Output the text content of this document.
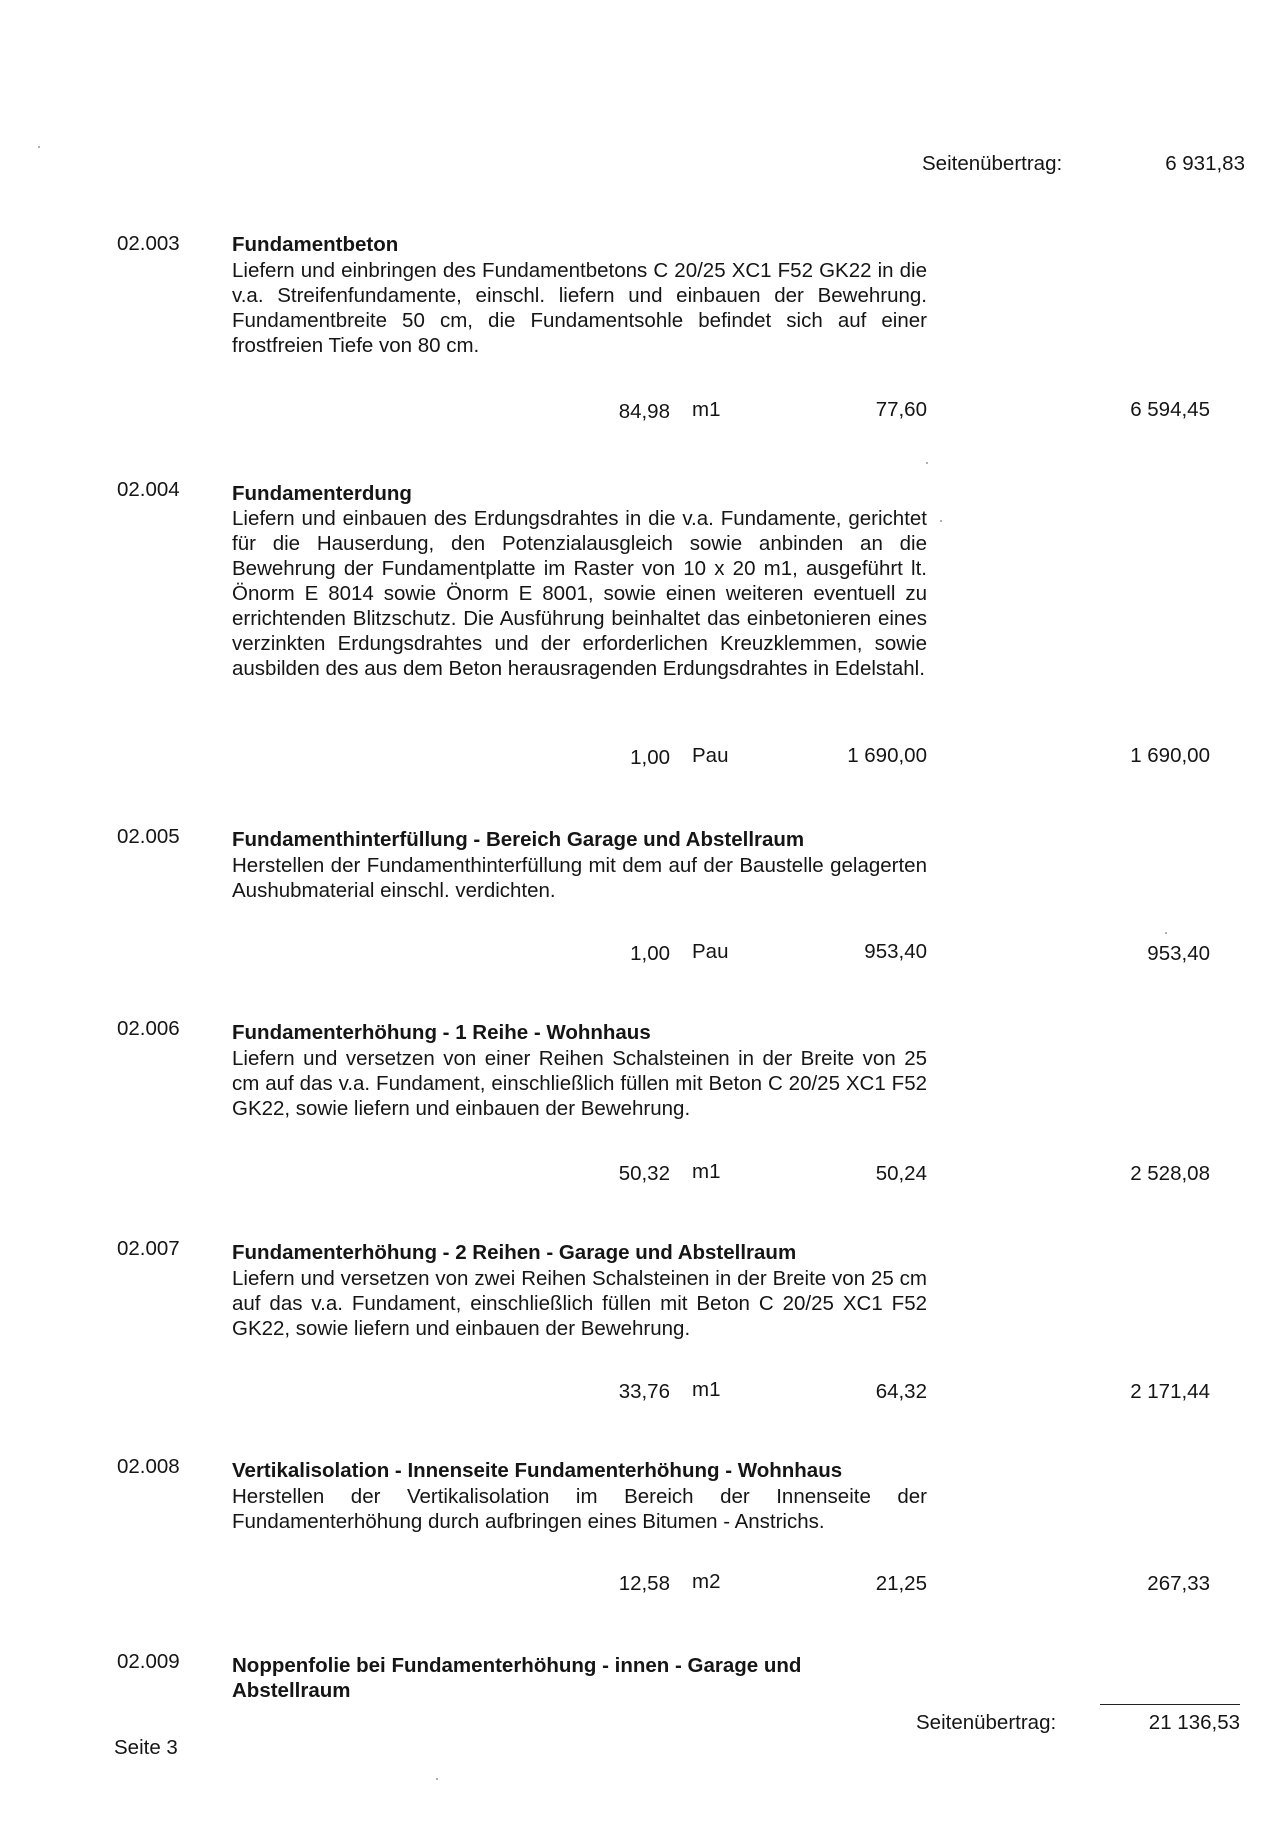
Seitenübertrag:	6 931,83
02.003	Fundamentbeton
Liefern und einbringen des Fundamentbetons C 20/25 XC1 F52 GK22 in die v.a. Streifenfundamente, einschl. liefern und einbauen der Bewehrung. Fundamentbreite 50 cm, die Fundamentsohle befindet sich auf einer frostfreien Tiefe von 80 cm.
84,98 m1	77,60	6 594,45
02.004	Fundamenterdung
Liefern und einbauen des Erdungsdrahtes in die v.a. Fundamente, gerichtet für die Hauserdung, den Potenzialausgleich sowie anbinden an die Bewehrung der Fundamentplatte im Raster von 10 x 20 m1, ausgeführt lt. Önorm E 8014 sowie Önorm E 8001, sowie einen weiteren eventuell zu errichtenden Blitzschutz. Die Ausführung beinhaltet das einbetonieren eines verzinkten Erdungsdrahtes und der erforderlichen Kreuzklemmen, sowie ausbilden des aus dem Beton herausragenden Erdungsdrahtes in Edelstahl.
1,00 Pau	1 690,00	1 690,00
02.005	Fundamenthinterfüllung - Bereich Garage und Abstellraum
Herstellen der Fundamenthinterfüllung mit dem auf der Baustelle gelagerten Aushubmaterial einschl. verdichten.
1,00 Pau	953,40	953,40
02.006	Fundamenterhöhung - 1 Reihe - Wohnhaus
Liefern und versetzen von einer Reihen Schalsteinen in der Breite von 25 cm auf das v.a. Fundament, einschließlich füllen mit Beton C 20/25 XC1 F52 GK22, sowie liefern und einbauen der Bewehrung.
50,32 m1	50,24	2 528,08
02.007	Fundamenterhöhung - 2 Reihen - Garage und Abstellraum
Liefern und versetzen von zwei Reihen Schalsteinen in der Breite von 25 cm auf das v.a. Fundament, einschließlich füllen mit Beton C 20/25 XC1 F52 GK22, sowie liefern und einbauen der Bewehrung.
33,76 m1	64,32	2 171,44
02.008	Vertikalisolation - Innenseite Fundamenterhöhung - Wohnhaus
Herstellen der Vertikalisolation im Bereich der Innenseite der Fundamenterhöhung durch aufbringen eines Bitumen - Anstrichs.
12,58 m2	21,25	267,33
02.009	Noppenfolie bei Fundamenterhöhung - innen - Garage und
Abstellraum
Seitenübertrag:	21 136,53
Seite 3
